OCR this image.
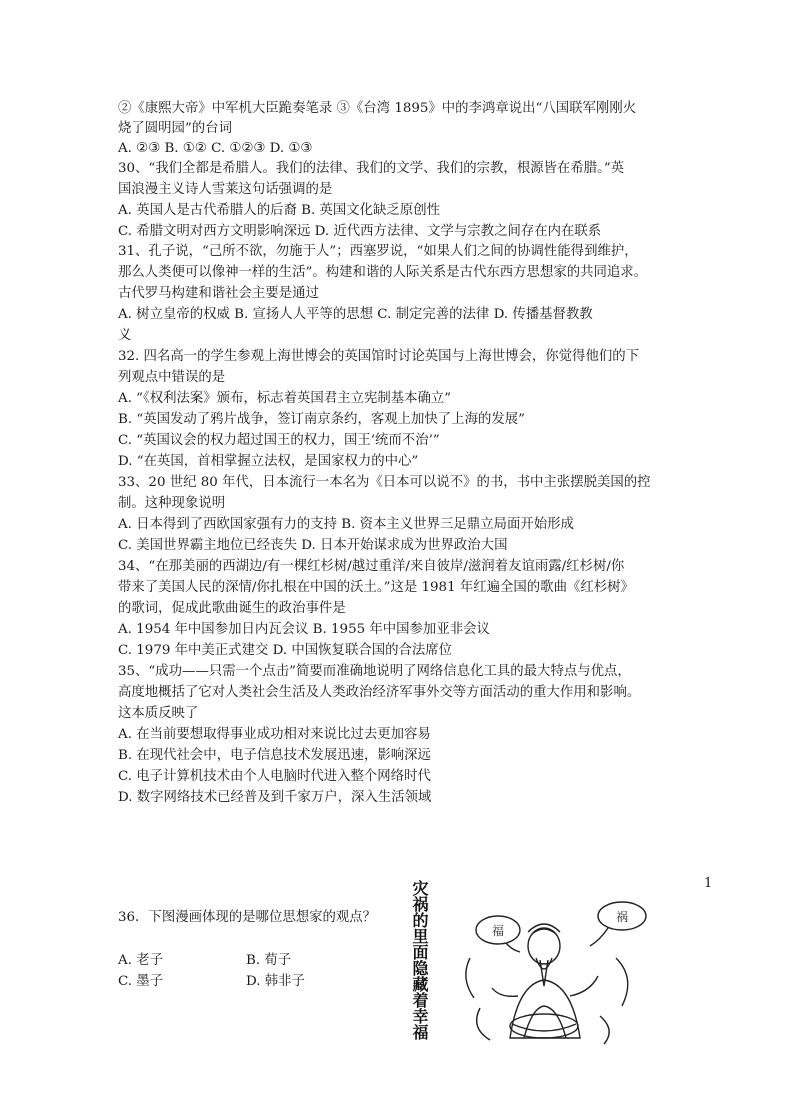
②《康熙大帝》中军机大臣跪奏笔录 ③《台湾 1895》中的李鸿章说出“八国联军刚刚火
烧了圆明园”的台词
A. ②③ B. ①② C. ①②③ D. ①③
30、“我们全都是希腊人。我们的法律、我们的文学、我们的宗教，根源皆在希腊。”英
国浪漫主义诗人雪莱这句话强调的是
A. 英国人是古代希腊人的后裔 B. 英国文化缺乏原创性
C. 希腊文明对西方文明影响深远 D. 近代西方法律、文学与宗教之间存在内在联系
31、孔子说，“己所不欲，勿施于人”；西塞罗说，“如果人们之间的协调性能得到维护，
那么人类便可以像神一样的生活”。构建和谐的人际关系是古代东西方思想家的共同追求。
古代罗马构建和谐社会主要是通过
A. 树立皇帝的权威 B. 宣扬人人平等的思想 C. 制定完善的法律 D. 传播基督教教
义
32. 四名高一的学生参观上海世博会的英国馆时讨论英国与上海世博会，你觉得他们的下
列观点中错误的是
A. “《权利法案》颁布，标志着英国君主立宪制基本确立”
B. “英国发动了鸦片战争，签订南京条约，客观上加快了上海的发展”
C. “英国议会的权力超过国王的权力，国王‘统而不治’”
D. “在英国，首相掌握立法权，是国家权力的中心”
33、20 世纪 80 年代，日本流行一本名为《日本可以说不》的书，书中主张摆脱美国的控
制。这种现象说明
A. 日本得到了西欧国家强有力的支持 B. 资本主义世界三足鼎立局面开始形成
C. 美国世界霸主地位已经丧失 D. 日本开始谋求成为世界政治大国
34、“在那美丽的西湖边/有一棵红杉树/越过重洋/来自彼岸/滋润着友谊雨露/红杉树/你
带来了美国人民的深情/你扎根在中国的沃土。”这是 1981 年红遍全国的歌曲《红杉树》
的歌词，促成此歌曲诞生的政治事件是
A. 1954 年中国参加日内瓦会议 B. 1955 年中国参加亚非会议
C. 1979 年中美正式建交 D. 中国恢复联合国的合法席位
35、“成功——只需一个点击”简要而准确地说明了网络信息化工具的最大特点与优点，
高度地概括了它对人类社会生活及人类政治经济军事外交等方面活动的重大作用和影响。
这本质反映了
A. 在当前要想取得事业成功相对来说比过去更加容易
B. 在现代社会中，电子信息技术发展迅速，影响深远
C. 电子计算机技术由个人电脑时代进入整个网络时代
D. 数字网络技术已经普及到千家万户，深入生活领域
36．下图漫画体现的是哪位思想家的观点？
A. 老子	B. 荀子
C. 墨子	D. 韩非子	灾祸的里面隐藏着幸福	1
福
祸
